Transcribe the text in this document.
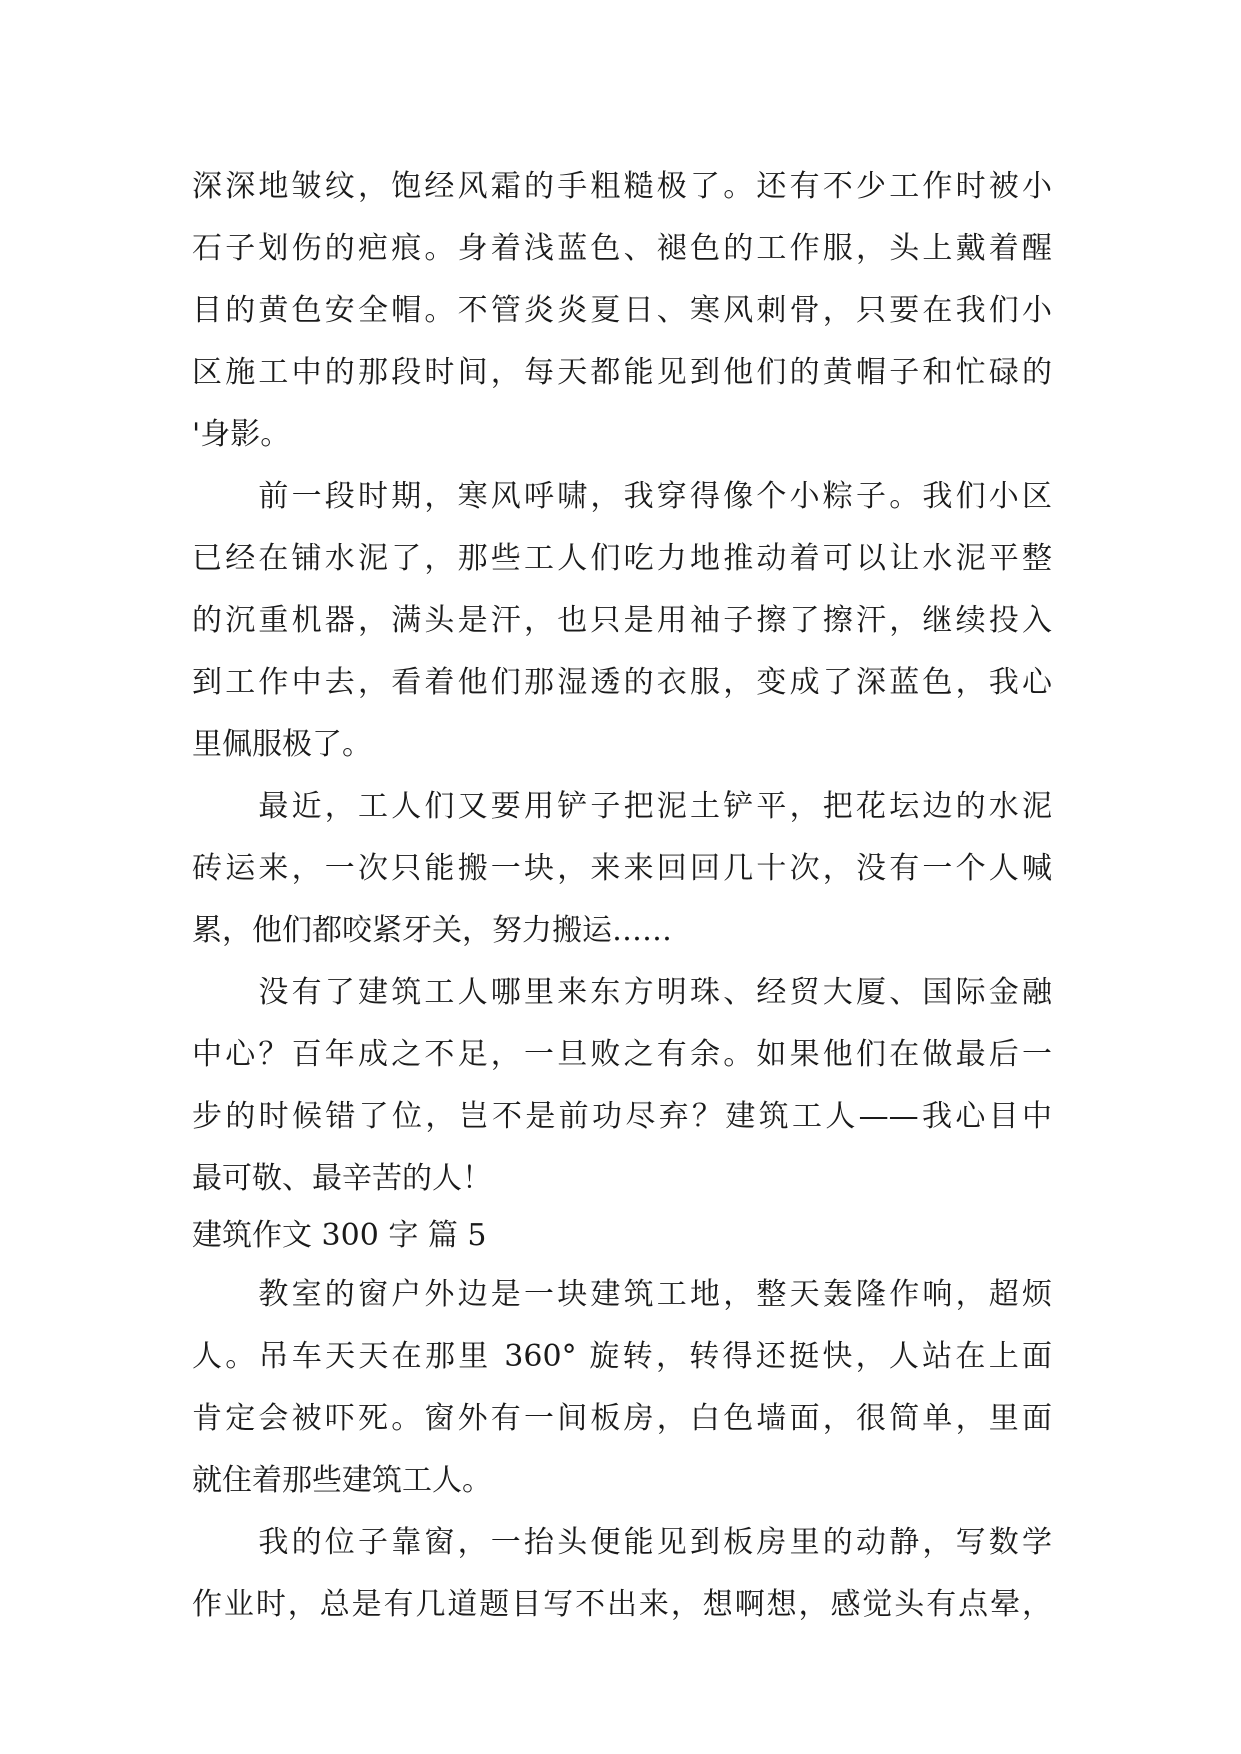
深深地皱纹，饱经风霜的手粗糙极了。还有不少工作时被小
石子划伤的疤痕。身着浅蓝色、褪色的工作服，头上戴着醒
目的黄色安全帽。不管炎炎夏日、寒风刺骨，只要在我们小
区施工中的那段时间，每天都能见到他们的黄帽子和忙碌的
'身影。
　　前一段时期，寒风呼啸，我穿得像个小粽子。我们小区
已经在铺水泥了，那些工人们吃力地推动着可以让水泥平整
的沉重机器，满头是汗，也只是用袖子擦了擦汗，继续投入
到工作中去，看着他们那湿透的衣服，变成了深蓝色，我心
里佩服极了。
　　最近，工人们又要用铲子把泥土铲平，把花坛边的水泥
砖运来，一次只能搬一块，来来回回几十次，没有一个人喊
累，他们都咬紧牙关，努力搬运……
　　没有了建筑工人哪里来东方明珠、经贸大厦、国际金融
中心？百年成之不足，一旦败之有余。如果他们在做最后一
步的时候错了位，岂不是前功尽弃？建筑工人——我心目中
最可敬、最辛苦的人！
建筑作文 300 字 篇 5
　　教室的窗户外边是一块建筑工地，整天轰隆作响，超烦
人。吊车天天在那里 360° 旋转，转得还挺快，人站在上面
肯定会被吓死。窗外有一间板房，白色墙面，很简单，里面
就住着那些建筑工人。
　　我的位子靠窗，一抬头便能见到板房里的动静，写数学
作业时，总是有几道题目写不出来，想啊想，感觉头有点晕，
